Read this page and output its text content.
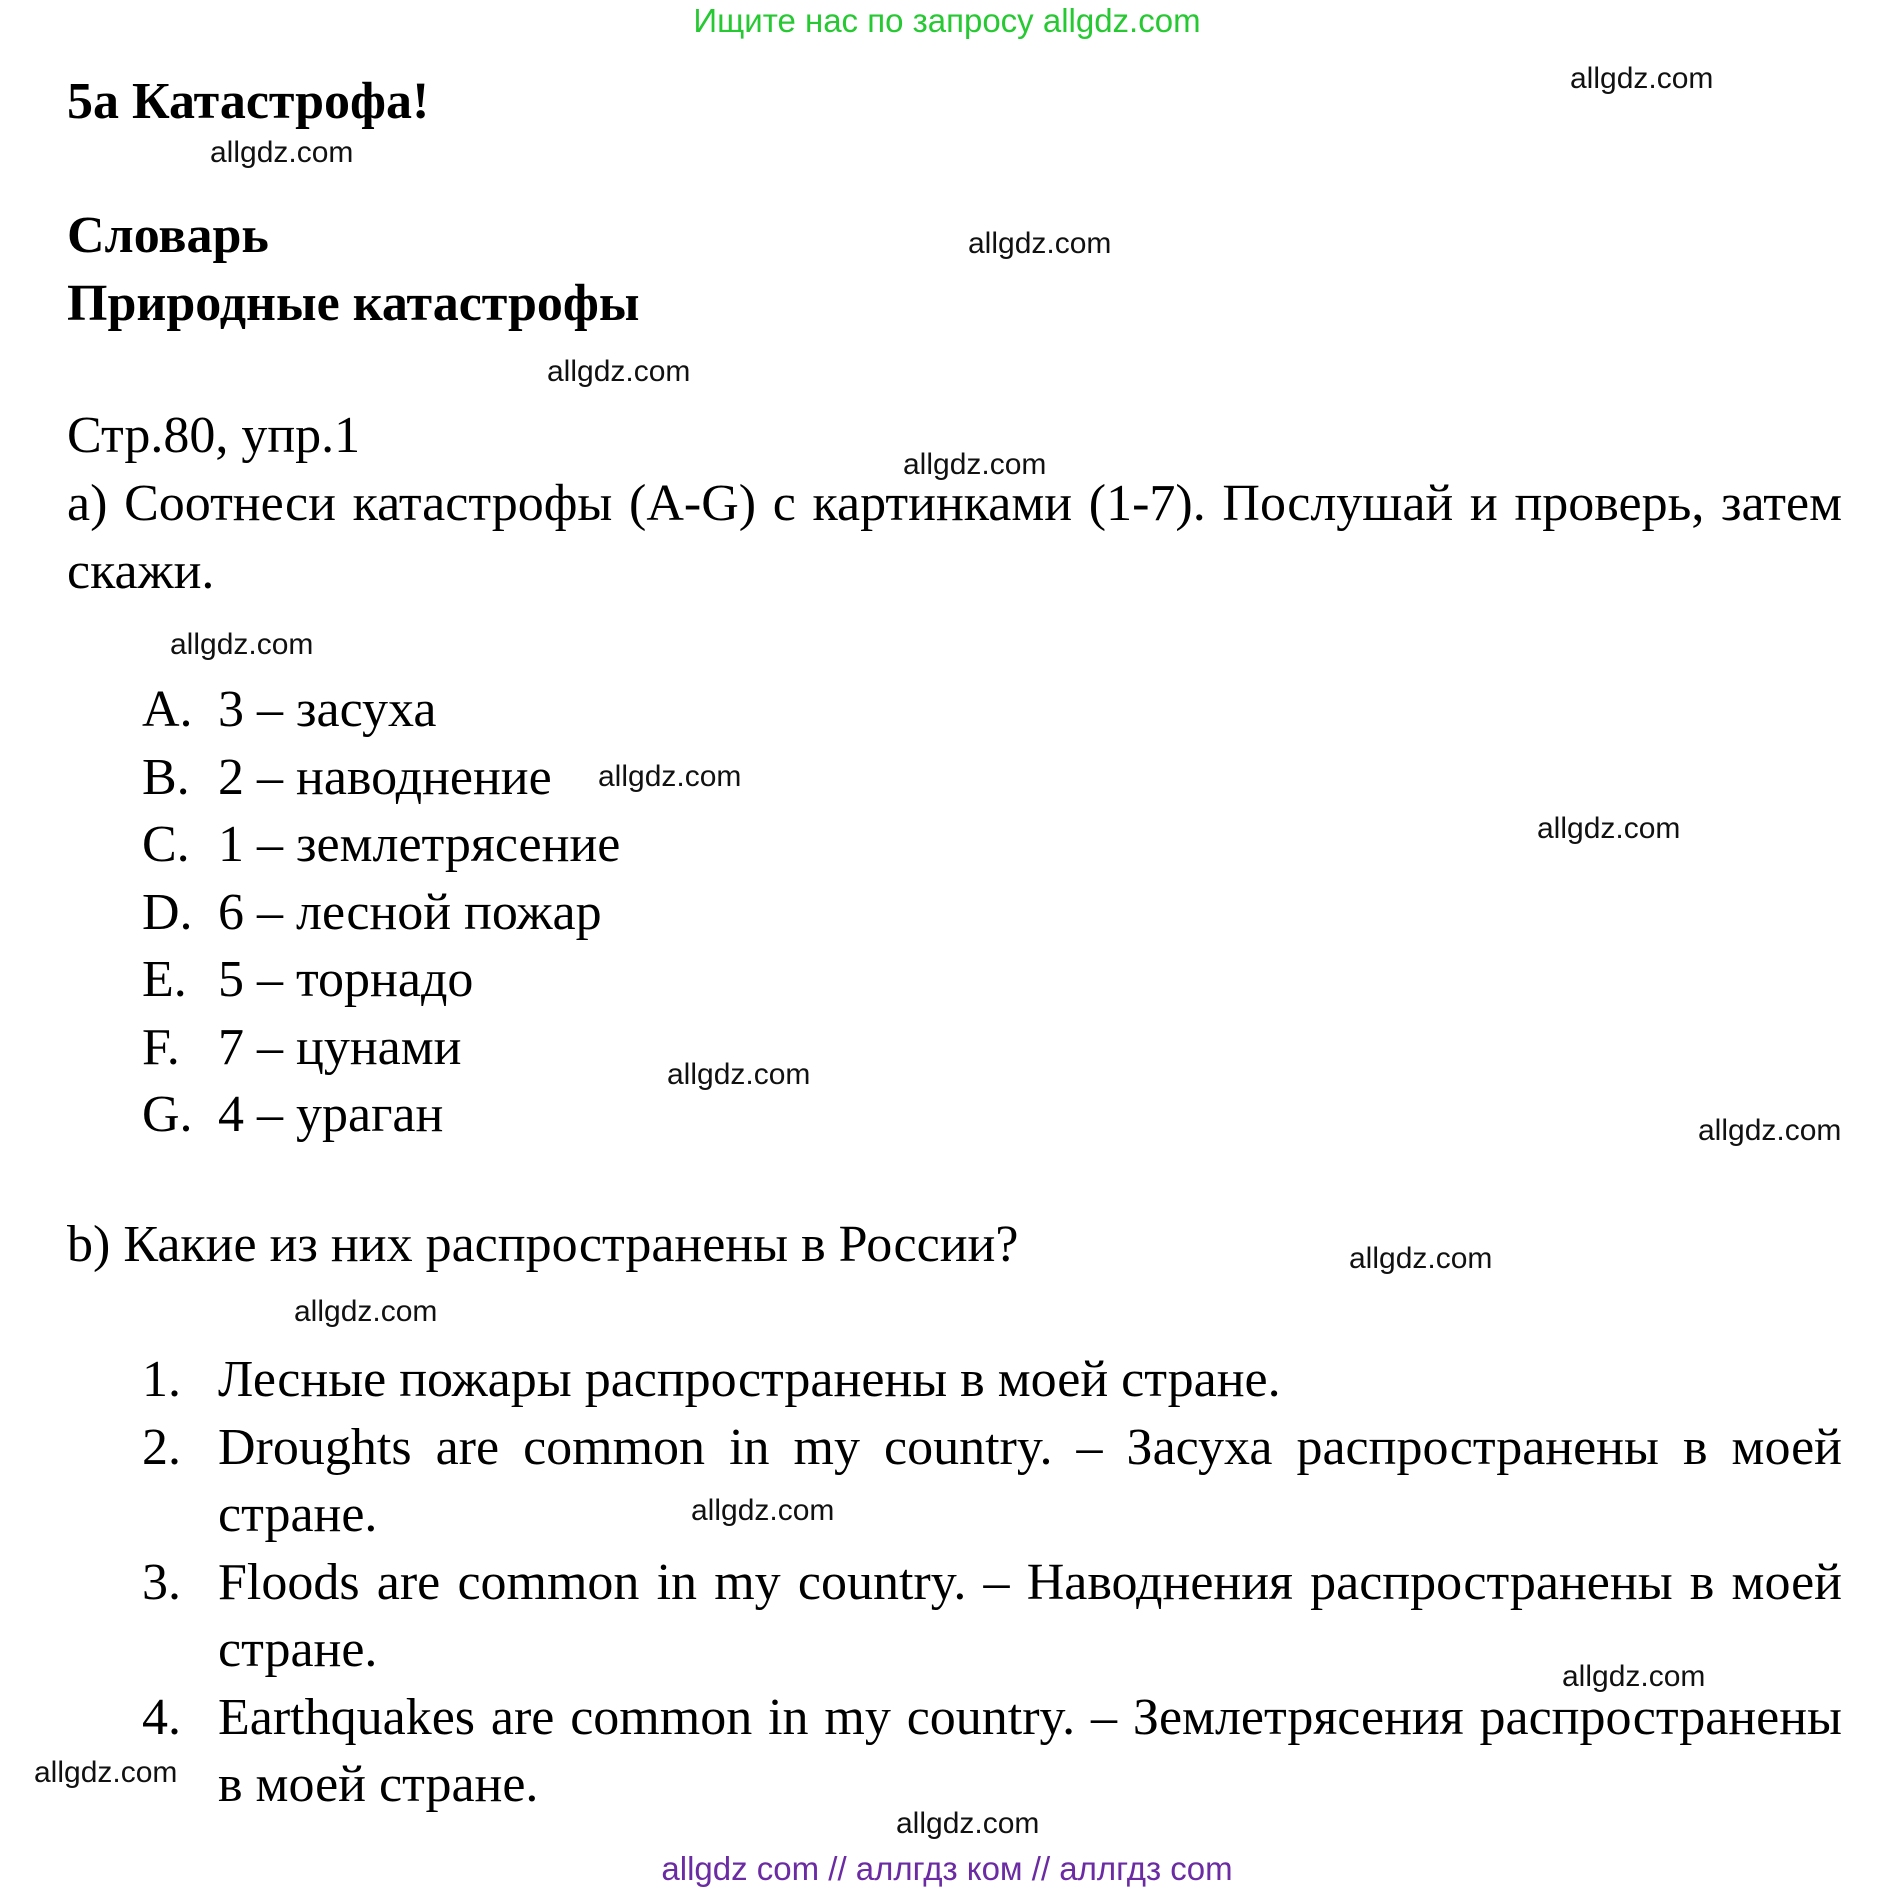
Ищите нас по запросу allgdz.com
5а Катастрофа!
Словарь
Природные катастрофы

Стр.80, упр.1

а) Соотнеси катастрофы (A-G) с картинками (1-7). Послушай и проверь, затем скажи.

A. 3 – засуха
B. 2 – наводнение
C. 1 – землетрясение
D. 6 – лесной пожар
E. 5 – торнадо
F. 7 – цунами
G. 4 – ураган

b) Какие из них распространены в России?

1. Лесные пожары распространены в моей стране.
2. Droughts are common in my country. – Засуха распространены в моей стране.
3. Floods are common in my country. – Наводнения распространены в моей стране.
4. Earthquakes are common in my country. – Землетрясения распространены в моей стране.
allgdz.com
allgdz.com
allgdz.com
allgdz.com
allgdz.com
allgdz.com
allgdz.com
allgdz.com
allgdz.com
allgdz.com
allgdz.com
allgdz.com
allgdz.com
allgdz.com
allgdz.com
allgdz.com
allgdz com // аллгдз ком // аллгдз com
